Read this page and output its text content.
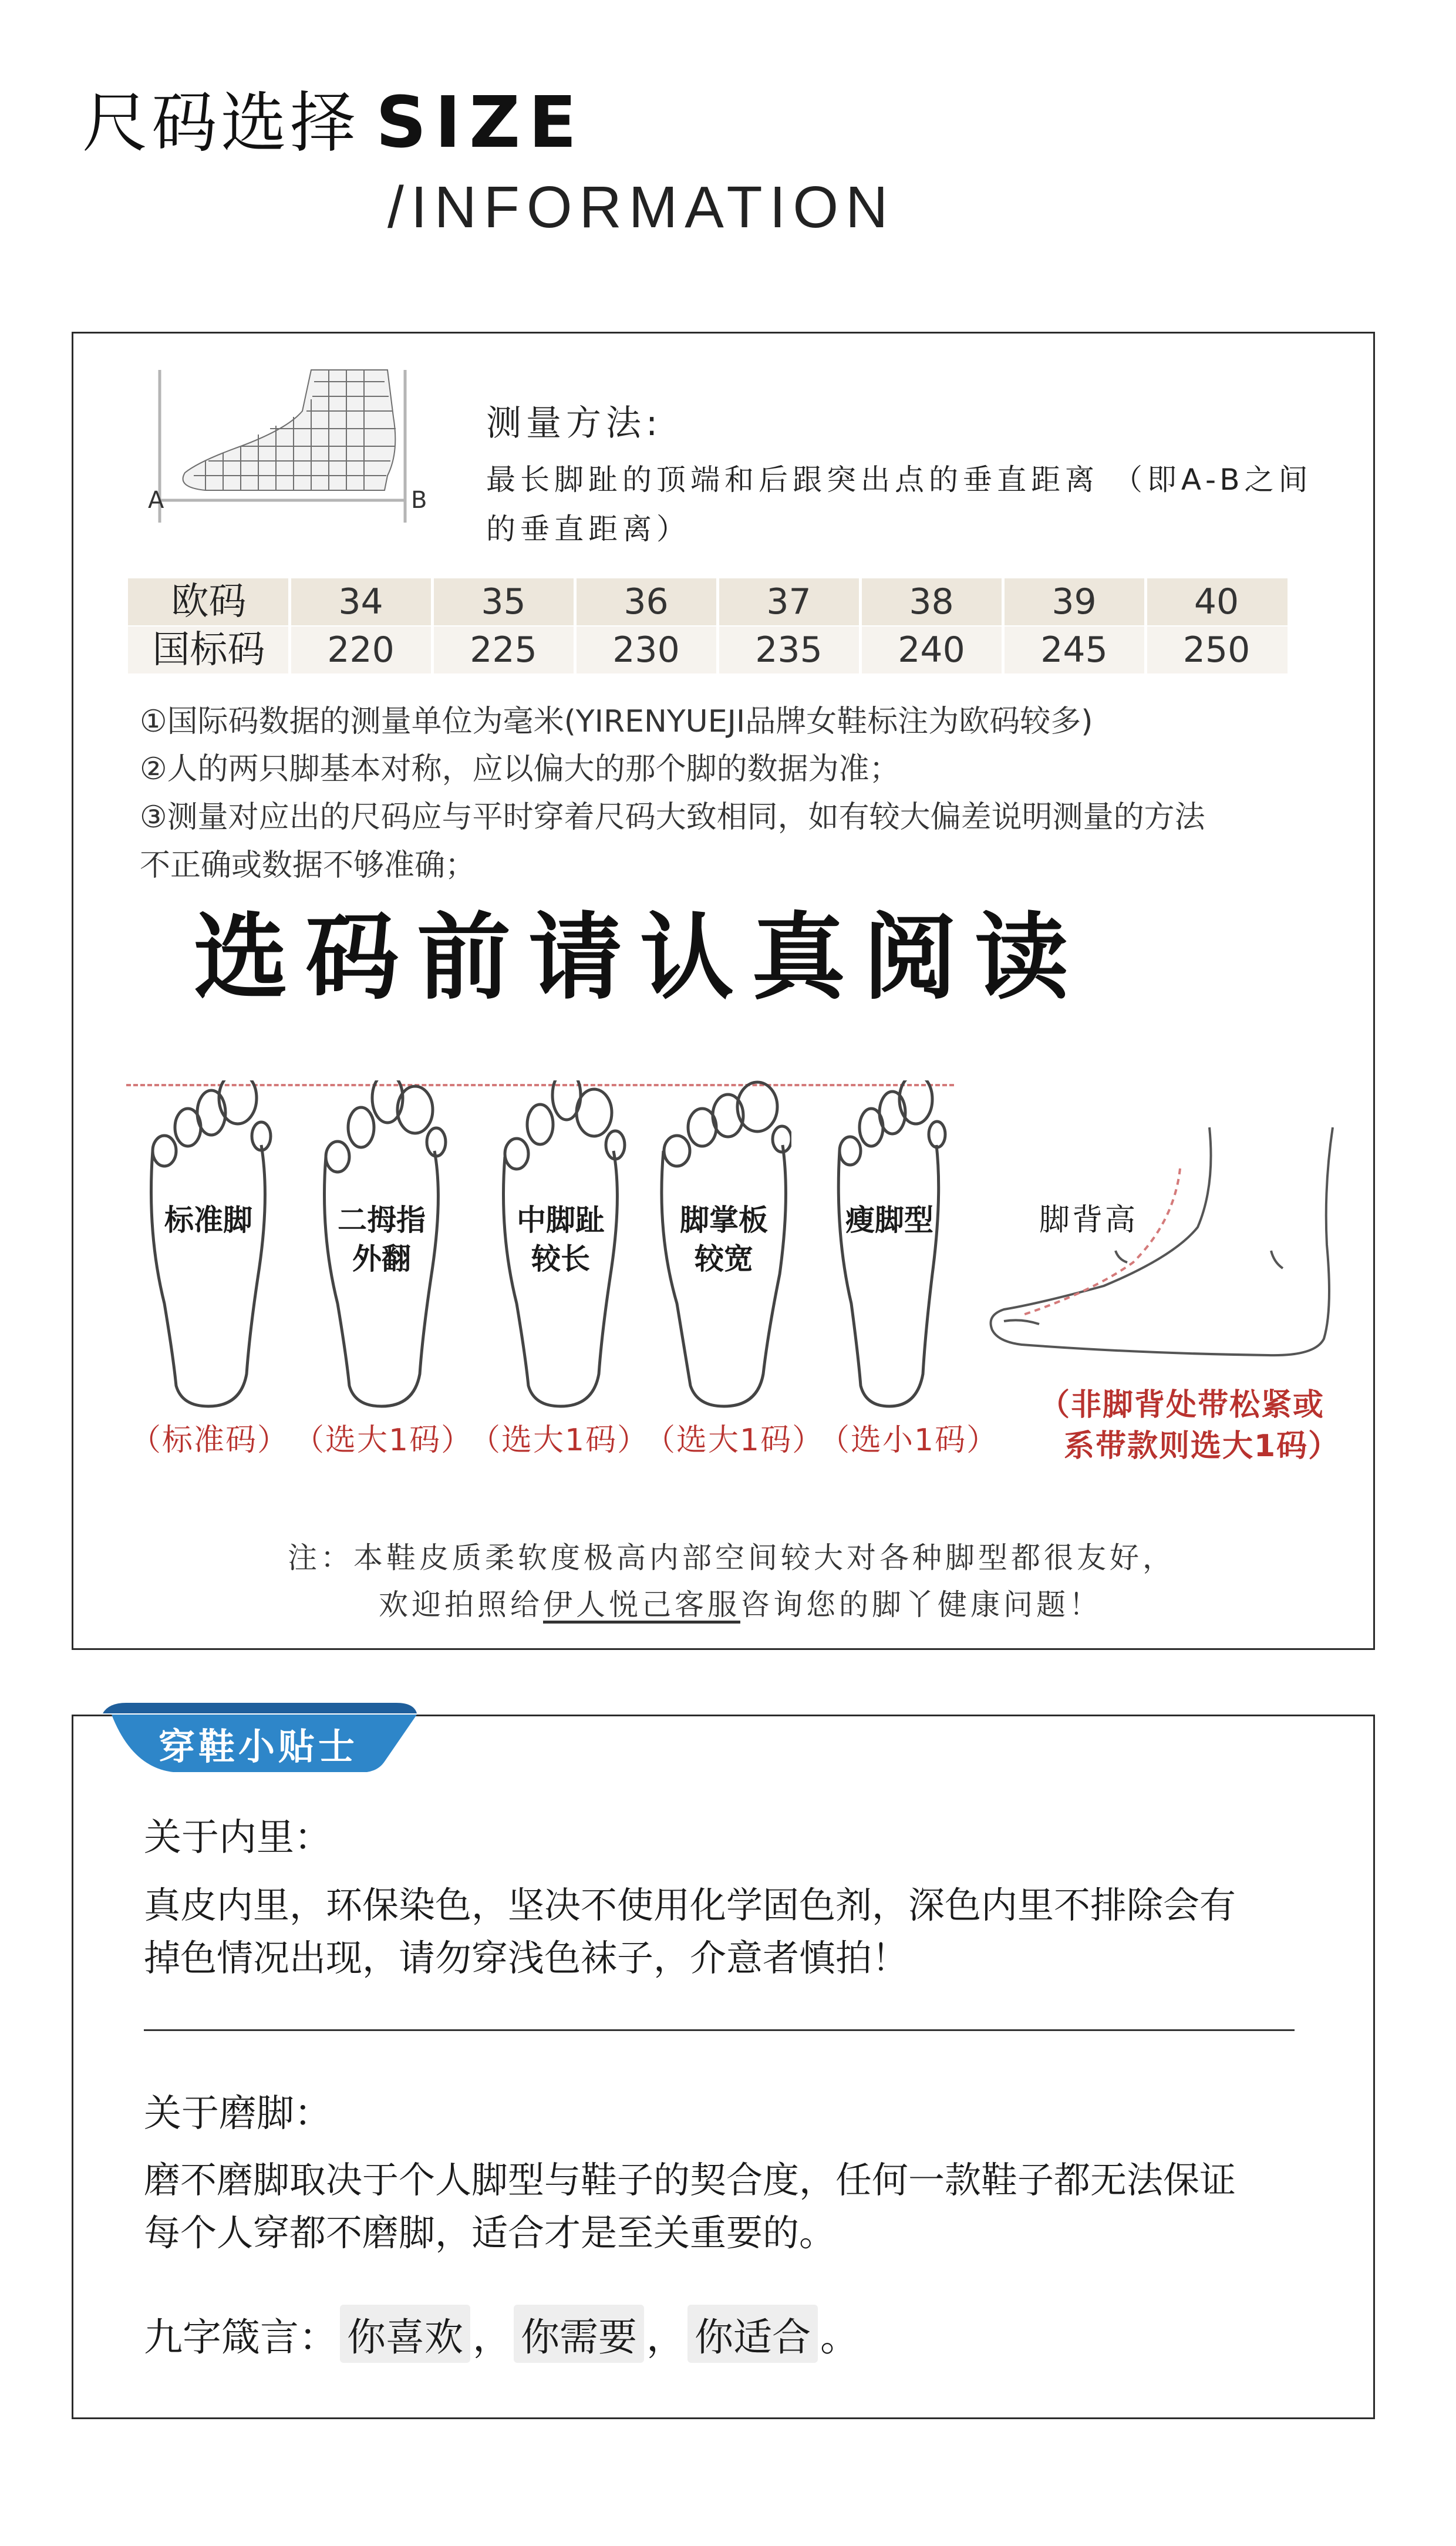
尺码选择 SIZE
/INFORMATION
A	B
测量方法:
最长脚趾的顶端和后跟突出点的垂直距离 （即A-B之间的垂直距离）
欧码	34	35	36	37	38	39	40
国标码	220	225	230	235	240	245	250
①国际码数据的测量单位为毫米(YIRENYUEJI品牌女鞋标注为欧码较多)
②人的两只脚基本对称，应以偏大的那个脚的数据为准；
③测量对应出的尺码应与平时穿着尺码大致相同，如有较大偏差说明测量的方法
不正确或数据不够准确；
选码前请认真阅读
标准脚	二拇指
外翻
中脚趾
较长
脚掌板
较宽
瘦脚型

（标准码） （选大1码）
（选大1码）
（选大1码）
（选小1码）
脚背高
（非脚背处带松紧或
系带款则选大1码）
注：本鞋皮质柔软度极高内部空间较大对各种脚型都很友好，
欢迎拍照给伊人悦己客服咨询您的脚丫健康问题！
穿鞋小贴士
关于内里：
真皮内里，环保染色，坚决不使用化学固色剂，深色内里不排除会有
掉色情况出现，请勿穿浅色袜子，介意者慎拍！
关于磨脚：
磨不磨脚取决于个人脚型与鞋子的契合度，任何一款鞋子都无法保证
每个人穿都不磨脚，适合才是至关重要的。
九字箴言： 你喜欢 ， 你需要 ， 你适合 。
